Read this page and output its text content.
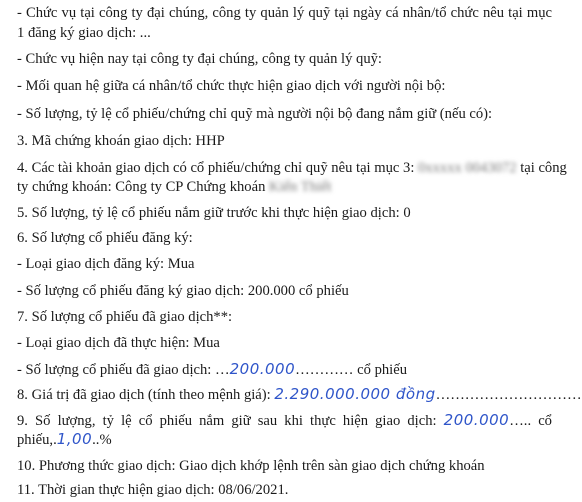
- Chức vụ tại công ty đại chúng, công ty quản lý quỹ tại ngày cá nhân/tổ chức nêu tại mục
1 đăng ký giao dịch: ...
- Chức vụ hiện nay tại công ty đại chúng, công ty quản lý quỹ:
- Mối quan hệ giữa cá nhân/tổ chức thực hiện giao dịch với người nội bộ:
- Số lượng, tỷ lệ cổ phiếu/chứng chỉ quỹ mà người nội bộ đang nắm giữ (nếu có):
3. Mã chứng khoán giao dịch: HHP
4. Các tài khoản giao dịch có cổ phiếu/chứng chỉ quỹ nêu tại mục 3: 0xxxxx 0043072 tại công
ty chứng khoán: Công ty CP Chứng khoán Kiến Thiết
5. Số lượng, tỷ lệ cổ phiếu nắm giữ trước khi thực hiện giao dịch: 0
6. Số lượng cổ phiếu đăng ký:
- Loại giao dịch đăng ký: Mua
- Số lượng cổ phiếu đăng ký giao dịch: 200.000 cổ phiếu
7. Số lượng cổ phiếu đã giao dịch**:
- Loại giao dịch đã thực hiện: Mua
- Số lượng cổ phiếu đã giao dịch: …200.000………… cổ phiếu
8. Giá trị đã giao dịch (tính theo mệnh giá): 2.290.000.000 đồng…………………………
9. Số lượng, tỷ lệ cổ phiếu nắm giữ sau khi thực hiện giao dịch: 200.000….. cổ
phiếu,.1,00..%
10. Phương thức giao dịch: Giao dịch khớp lệnh trên sàn giao dịch chứng khoán
11. Thời gian thực hiện giao dịch: 08/06/2021.
